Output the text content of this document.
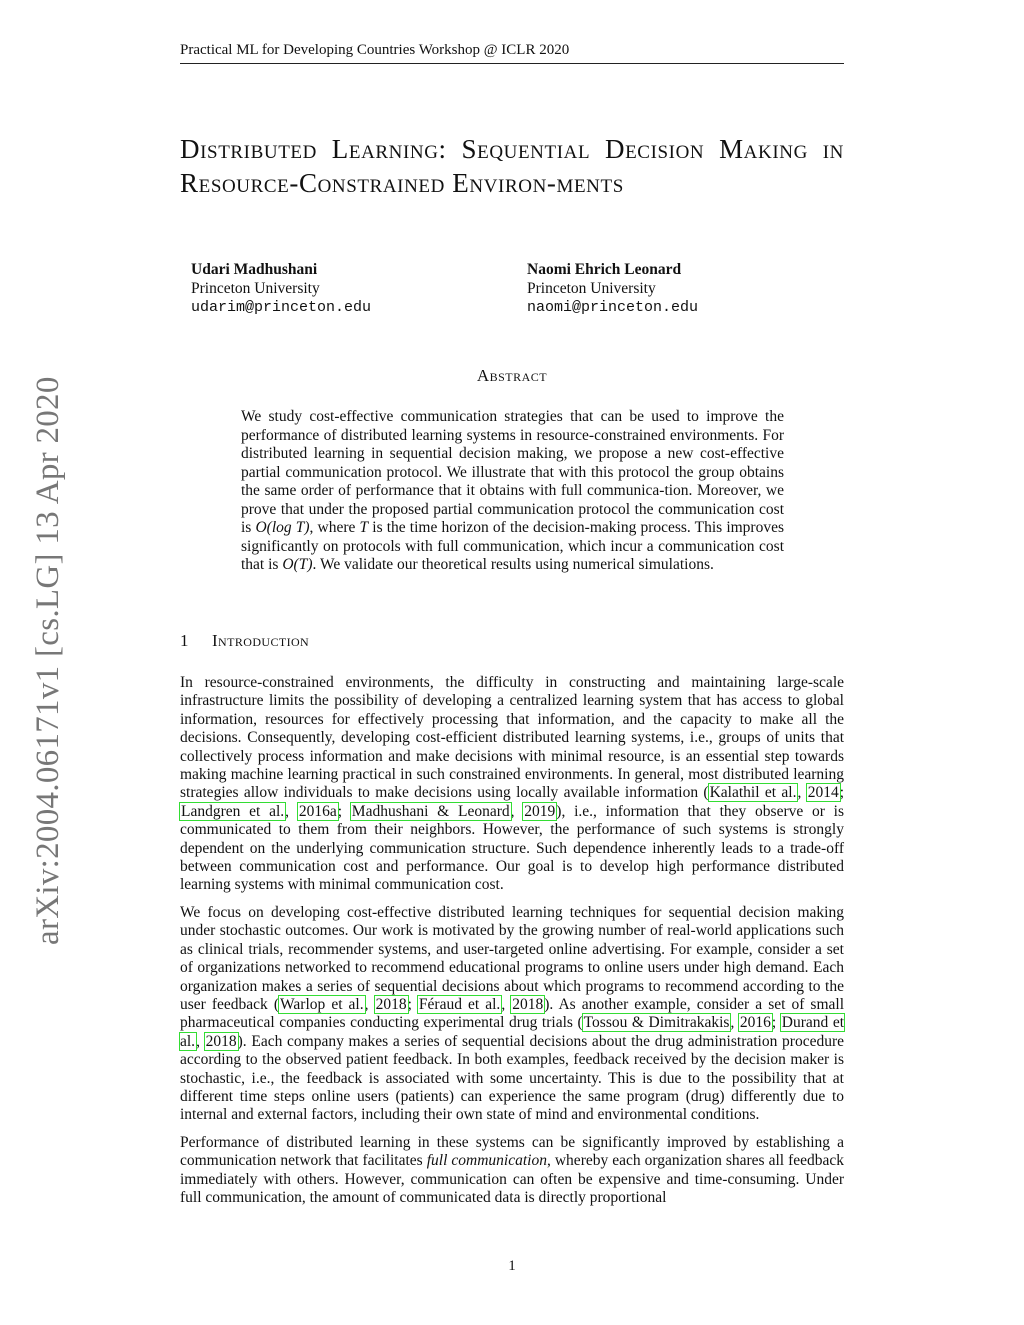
Practical ML for Developing Countries Workshop @ ICLR 2020
Distributed Learning: Sequential Decision Making in Resource-Constrained Environ-ments
Udari Madhushani
Princeton University
udarim@princeton.edu
Naomi Ehrich Leonard
Princeton University
naomi@princeton.edu
arXiv:2004.06171v1 [cs.LG] 13 Apr 2020
Abstract

We study cost-effective communication strategies that can be used to improve the performance of distributed learning systems in resource-constrained environments. For distributed learning in sequential decision making, we propose a new cost-effective partial communication protocol. We illustrate that with this protocol the group obtains the same order of performance that it obtains with full communica-tion. Moreover, we prove that under the proposed partial communication protocol the communication cost is O(log T), where T is the time horizon of the decision-making process. This improves significantly on protocols with full communication, which incur a communication cost that is O(T). We validate our theoretical results using numerical simulations.

1 Introduction

In resource-constrained environments, the difficulty in constructing and maintaining large-scale infrastructure limits the possibility of developing a centralized learning system that has access to global information, resources for effectively processing that information, and the capacity to make all the decisions. Consequently, developing cost-efficient distributed learning systems, i.e., groups of units that collectively process information and make decisions with minimal resource, is an essential step towards making machine learning practical in such constrained environments. In general, most distributed learning strategies allow individuals to make decisions using locally available information (Kalathil et al., 2014; Landgren et al., 2016a; Madhushani & Leonard, 2019), i.e., information that they observe or is communicated to them from their neighbors. However, the performance of such systems is strongly dependent on the underlying communication structure. Such dependence inherently leads to a trade-off between communication cost and performance. Our goal is to develop high performance distributed learning systems with minimal communication cost.

We focus on developing cost-effective distributed learning techniques for sequential decision making under stochastic outcomes. Our work is motivated by the growing number of real-world applications such as clinical trials, recommender systems, and user-targeted online advertising. For example, consider a set of organizations networked to recommend educational programs to online users under high demand. Each organization makes a series of sequential decisions about which programs to recommend according to the user feedback (Warlop et al., 2018; Féraud et al., 2018). As another example, consider a set of small pharmaceutical companies conducting experimental drug trials (Tossou & Dimitrakakis, 2016; Durand et al., 2018). Each company makes a series of sequential decisions about the drug administration procedure according to the observed patient feedback. In both examples, feedback received by the decision maker is stochastic, i.e., the feedback is associated with some uncertainty. This is due to the possibility that at different time steps online users (patients) can experience the same program (drug) differently due to internal and external factors, including their own state of mind and environmental conditions.

Performance of distributed learning in these systems can be significantly improved by establishing a communication network that facilitates full communication, whereby each organization shares all feedback immediately with others. However, communication can often be expensive and time-consuming. Under full communication, the amount of communicated data is directly proportional

1
